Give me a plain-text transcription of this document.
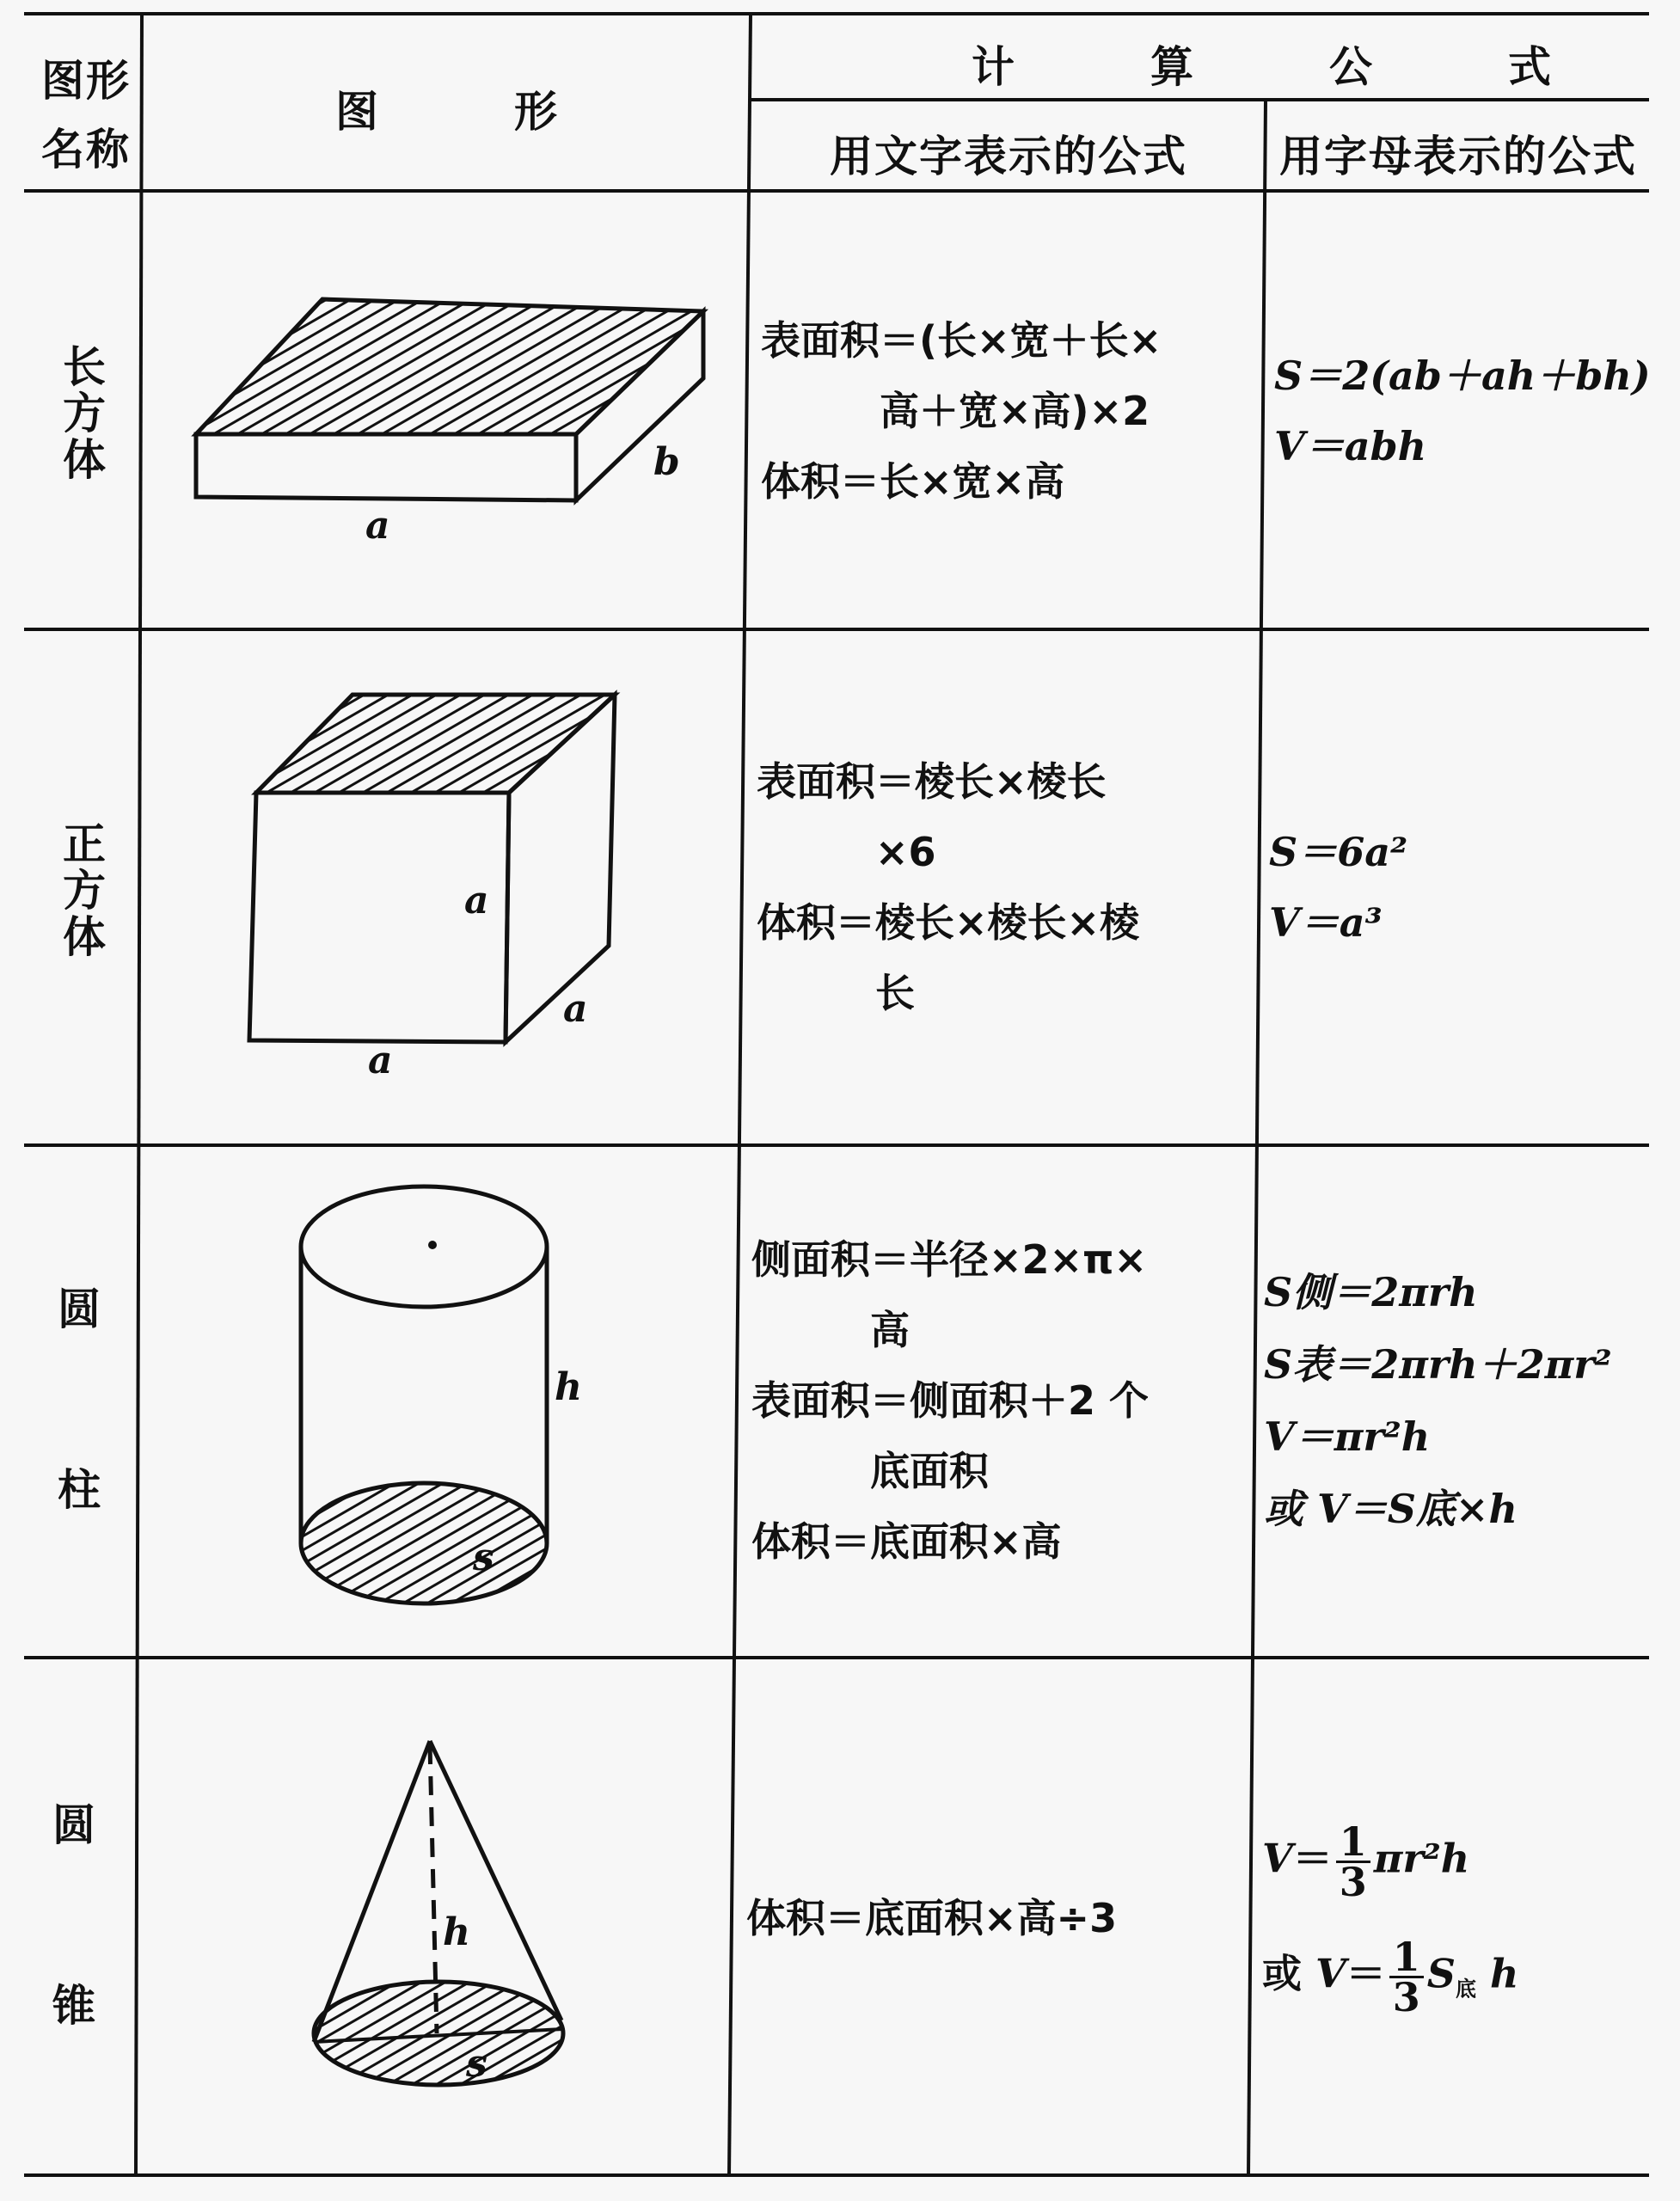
图形
名称
图　　　形
计　　　算　　　公　　　式
用文字表示的公式 用字母表示的公式
长方体	b
a
表面积＝(长×宽＋长×
　　　高＋宽×高)×2
体积＝长×宽×高
S＝2(ab＋ah＋bh)
V＝abh
正方体
a
a
a
表面积＝棱长×棱长
　　　×6
体积＝棱长×棱长×棱
　　　长
S＝6a²
V＝a³
圆
柱
h
s
侧面积＝半径×2×π×
　　　高
表面积＝侧面积＋2 个
　　　底面积
体积＝底面积×高
S侧＝2πrh
S表＝2πrh＋2πr²
V＝πr²h
或 V＝S底×h
圆
锥
h
s
体积＝底面积×高÷3
$V= \frac{1}{3} \pi r^2h$
或 $V= \frac{1}{3} S_底$ h
